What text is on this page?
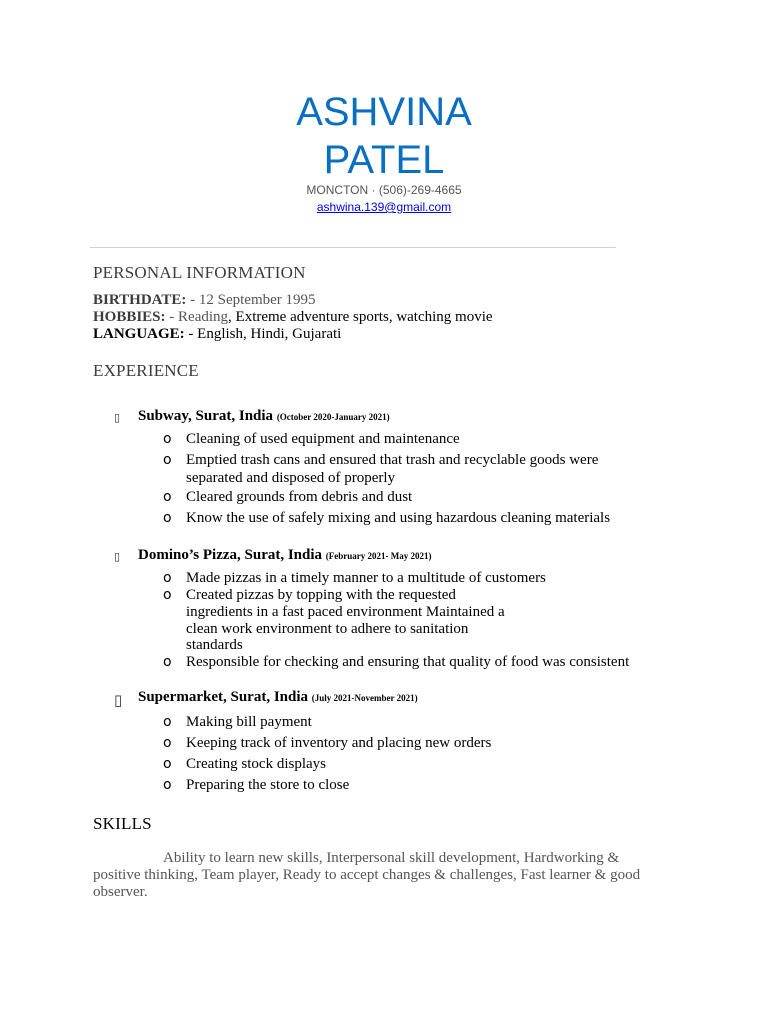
ASHVINA
PATEL
MONCTON · (506)-269-4665
ashwina.139@gmail.com
PERSONAL INFORMATION
BIRTHDATE: - 12 September 1995
HOBBIES: - Reading, Extreme adventure sports, watching movie
LANGUAGE: - English, Hindi, Gujarati
EXPERIENCE
▯ Subway, Surat, India (October 2020-January 2021)
o Cleaning of used equipment and maintenance
o Emptied trash cans and ensured that trash and recyclable goods were
separated and disposed of properly
o Cleared grounds from debris and dust
o Know the use of safely mixing and using hazardous cleaning materials
▯ Domino’s Pizza, Surat, India (February 2021- May 2021)
o Made pizzas in a timely manner to a multitude of customers
o Created pizzas by topping with the requested
ingredients in a fast paced environment Maintained a
clean work environment to adhere to sanitation
standards
o Responsible for checking and ensuring that quality of food was consistent
▯ Supermarket, Surat, India (July 2021-November 2021)
o Making bill payment
o Keeping track of inventory and placing new orders
o Creating stock displays
o Preparing the store to close
SKILLS
Ability to learn new skills, Interpersonal skill development, Hardworking & positive thinking, Team player, Ready to accept changes & challenges, Fast learner & good observer.
